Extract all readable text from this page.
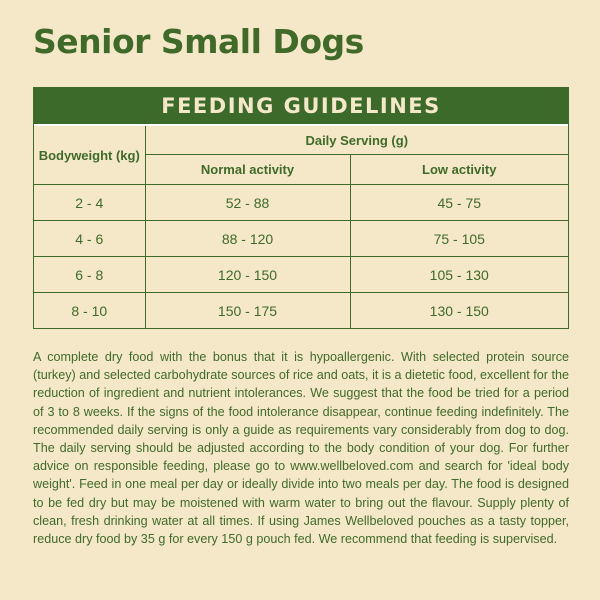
Senior Small Dogs
FEEDING GUIDELINES
Bodyweight (kg)	Daily Serving (g)	
	Normal activity	Low activity
2 - 4	52 - 88	45 - 75
4 - 6	88 - 120	75 - 105
6 - 8	120 - 150	105 - 130
8 - 10	150 - 175	130 - 150

A complete dry food with the bonus that it is hypoallergenic. With selected protein source (turkey) and selected carbohydrate sources of rice and oats, it is a dietetic food, excellent for the reduction of ingredient and nutrient intolerances. We suggest that the food be tried for a period of 3 to 8 weeks. If the signs of the food intolerance disappear, continue feeding indefinitely. The recommended daily serving is only a guide as requirements vary considerably from dog to dog. The daily serving should be adjusted according to the body condition of your dog. For further advice on responsible feeding, please go to www.wellbeloved.com and search for 'ideal body weight'. Feed in one meal per day or ideally divide into two meals per day. The food is designed to be fed dry but may be moistened with warm water to bring out the flavour. Supply plenty of clean, fresh drinking water at all times. If using James Wellbeloved pouches as a tasty topper, reduce dry food by 35 g for every 150 g pouch fed. We recommend that feeding is supervised.
